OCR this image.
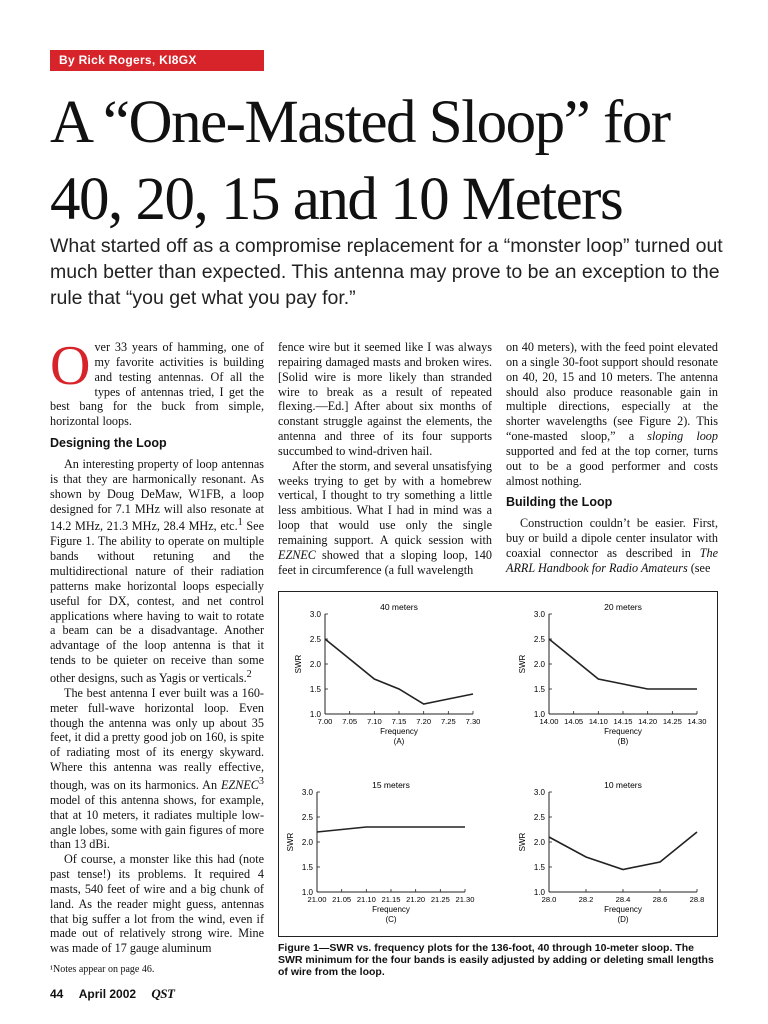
By Rick Rogers, KI8GX
A “One-Masted Sloop” for
40, 20, 15 and 10 Meters
What started off as a compromise replacement for a “monster loop” turned out much better than expected. This antenna may prove to be an exception to the rule that “you get what you pay for.”

Over 33 years of hamming, one of my favorite activities is building and testing antennas. Of all the types of antennas tried, I get the best bang for the buck from simple, horizontal loops.

Designing the Loop

An interesting property of loop antennas is that they are harmonically resonant. As shown by Doug DeMaw, W1FB, a loop designed for 7.1 MHz will also resonate at 14.2 MHz, 21.3 MHz, 28.4 MHz, etc.$^1$ See Figure 1. The ability to operate on multiple bands without retuning and the multidirectional nature of their radiation patterns make horizontal loops especially useful for DX, contest, and net control applications where having to wait to rotate a beam can be a disadvantage. Another advantage of the loop antenna is that it tends to be quieter on receive than some other designs, such as Yagis or verticals.$^2$

The best antenna I ever built was a 160-meter full-wave horizontal loop. Even though the antenna was only up about 35 feet, it did a pretty good job on 160, is spite of radiating most of its energy skyward. Where this antenna was really effective, though, was on its harmonics. An EZNEC$^3$ model of this antenna shows, for example, that at 10 meters, it radiates multiple low-angle lobes, some with gain figures of more than 13 dBi.

Of course, a monster like this had (note past tense!) its problems. It required 4 masts, 540 feet of wire and a big chunk of land. As the reader might guess, antennas that big suffer a lot from the wind, even if made out of relatively strong wire. Mine was made of 17 gauge aluminum

fence wire but it seemed like I was always repairing damaged masts and broken wires. [Solid wire is more likely than stranded wire to break as a result of repeated flexing.—Ed.] After about six months of constant struggle against the elements, the antenna and three of its four supports succumbed to wind-driven hail.

After the storm, and several unsatisfying weeks trying to get by with a homebrew vertical, I thought to try something a little less ambitious. What I had in mind was a loop that would use only the single remaining support. A quick session with EZNEC showed that a sloping loop, 140 feet in circumference (a full wavelength

on 40 meters), with the feed point elevated on a single 30-foot support should resonate on 40, 20, 15 and 10 meters. The antenna should also produce reasonable gain in multiple directions, especially at the shorter wavelengths (see Figure 2). This “one-masted sloop,” a sloping loop supported and fed at the top corner, turns out to be a good performer and costs almost nothing.

Building the Loop

Construction couldn’t be easier. First, buy or build a dipole center insulator with coaxial connector as described in The ARRL Handbook for Radio Amateurs (see

40 meters
1.0
1.5
2.0
2.5
3.0
7.00 7.05 7.10 7.15 7.20 7.25 7.30
SWR
Frequency
(A)
20 meters
1.0
1.5
2.0
2.5
3.0
14.00 14.05 14.10 14.15 14.20 14.25 14.30
SWR
Frequency
(B)
15 meters
1.0
1.5
2.0
2.5
3.0
21.00 21.05 21.10 21.15 21.20 21.25 21.30
SWR
Frequency
(C)
10 meters
1.0
1.5
2.0
2.5
3.0
28.0	28.2	28.4	28.6	28.8
SWR
Frequency
(D)
Figure 1—SWR vs. frequency plots for the 136-foot, 40 through 10-meter sloop. The SWR minimum for the four bands is easily adjusted by adding or deleting small lengths of wire from the loop.
¹Notes appear on page 46.
44 April 2002 QST
